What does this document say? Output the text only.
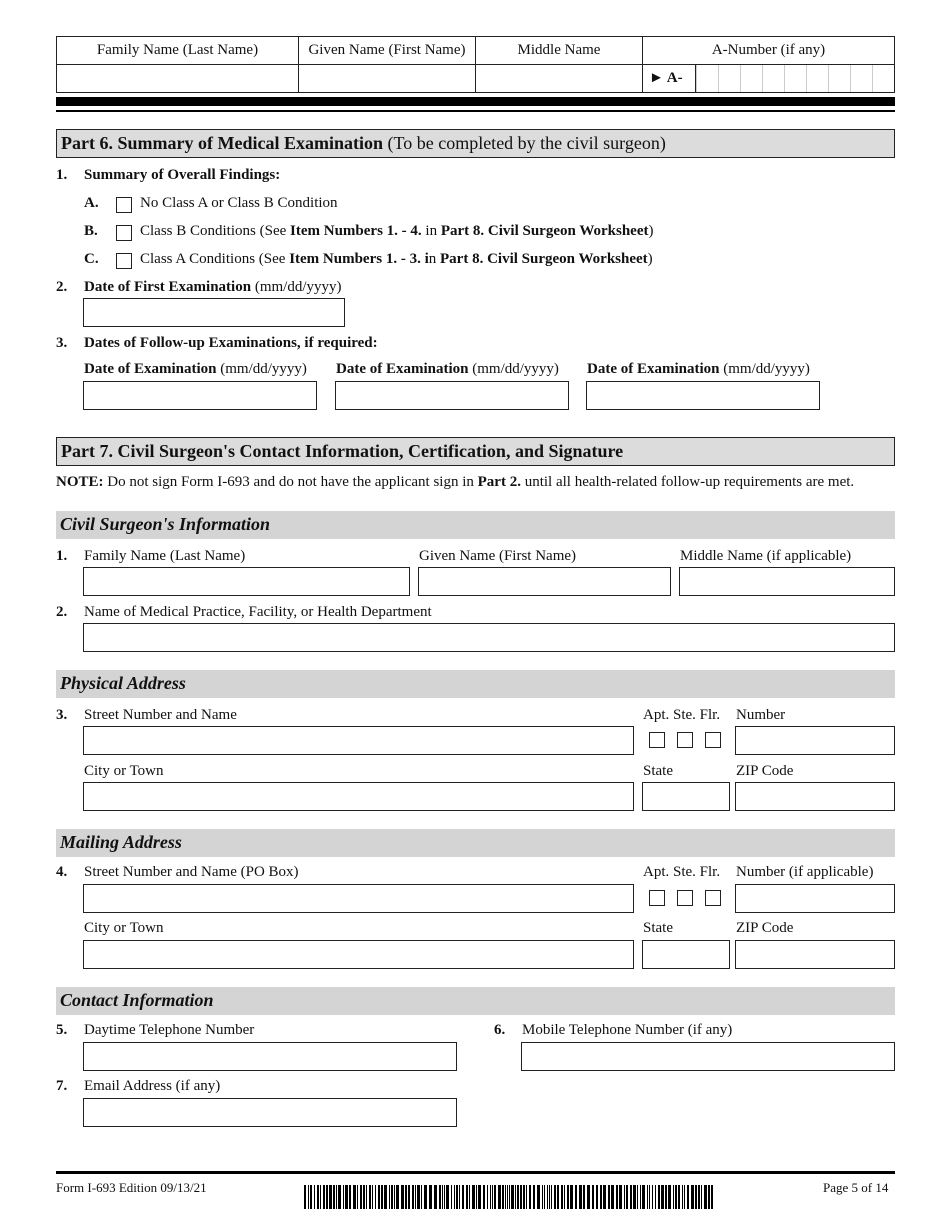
Family Name (Last Name)	Given Name (First Name)	Middle Name	A-Number (if any)

			► A-
Part 6. Summary of Medical Examination (To be completed by the civil surgeon)
1. Summary of Overall Findings:
A.	No Class A or Class B Condition
B.	Class B Conditions (See Item Numbers 1. - 4. in Part 8. Civil Surgeon Worksheet)
C.	Class A Conditions (See Item Numbers 1. - 3. in Part 8. Civil Surgeon Worksheet)
2. Date of First Examination (mm/dd/yyyy)
3. Dates of Follow-up Examinations, if required:
Date of Examination (mm/dd/yyyy) Date of Examination (mm/dd/yyyy) Date of Examination (mm/dd/yyyy)
Part 7. Civil Surgeon's Contact Information, Certification, and Signature
NOTE: Do not sign Form I-693 and do not have the applicant sign in Part 2. until all health-related follow-up requirements are met.
Civil Surgeon's Information
1. Family Name (Last Name)	Given Name (First Name)	Middle Name (if applicable)
2. Name of Medical Practice, Facility, or Health Department
Physical Address
3. Street Number and Name	Apt. Ste. Flr. Number
City or Town	State	ZIP Code
Mailing Address
4. Street Number and Name (PO Box)	Apt. Ste. Flr. Number (if applicable)
City or Town	State	ZIP Code
Contact Information
5. Daytime Telephone Number	6. Mobile Telephone Number (if any)
7. Email Address (if any)
Form I-693 Edition 09/13/21	Page 5 of 14
